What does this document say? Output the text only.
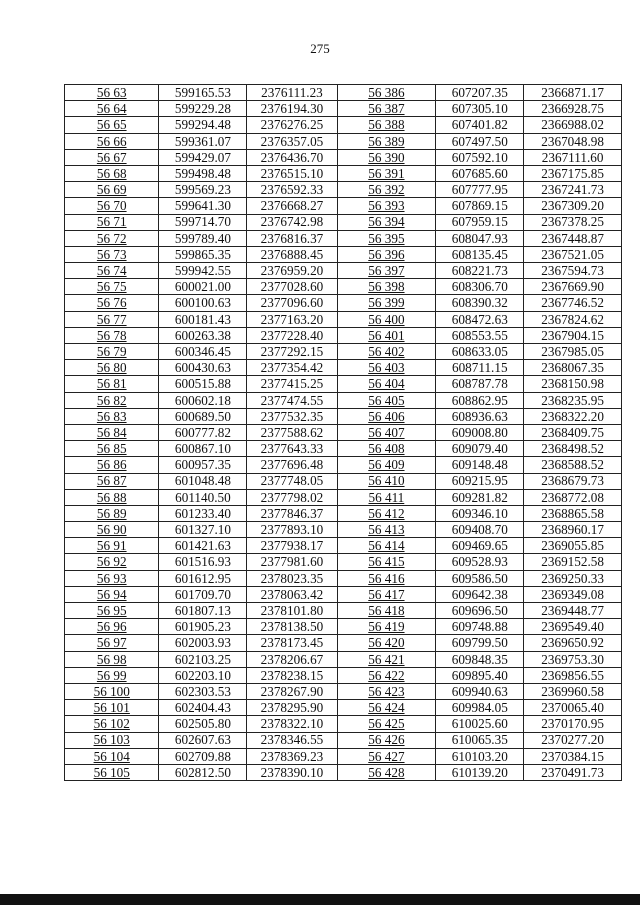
275
56 63	599165.53	2376111.23	56 386	607207.35	2366871.17
56 64	599229.28	2376194.30	56 387	607305.10	2366928.75
56 65	599294.48	2376276.25	56 388	607401.82	2366988.02
56 66	599361.07	2376357.05	56 389	607497.50	2367048.98
56 67	599429.07	2376436.70	56 390	607592.10	2367111.60
56 68	599498.48	2376515.10	56 391	607685.60	2367175.85
56 69	599569.23	2376592.33	56 392	607777.95	2367241.73
56 70	599641.30	2376668.27	56 393	607869.15	2367309.20
56 71	599714.70	2376742.98	56 394	607959.15	2367378.25
56 72	599789.40	2376816.37	56 395	608047.93	2367448.87
56 73	599865.35	2376888.45	56 396	608135.45	2367521.05
56 74	599942.55	2376959.20	56 397	608221.73	2367594.73
56 75	600021.00	2377028.60	56 398	608306.70	2367669.90
56 76	600100.63	2377096.60	56 399	608390.32	2367746.52
56 77	600181.43	2377163.20	56 400	608472.63	2367824.62
56 78	600263.38	2377228.40	56 401	608553.55	2367904.15
56 79	600346.45	2377292.15	56 402	608633.05	2367985.05
56 80	600430.63	2377354.42	56 403	608711.15	2368067.35
56 81	600515.88	2377415.25	56 404	608787.78	2368150.98
56 82	600602.18	2377474.55	56 405	608862.95	2368235.95
56 83	600689.50	2377532.35	56 406	608936.63	2368322.20
56 84	600777.82	2377588.62	56 407	609008.80	2368409.75
56 85	600867.10	2377643.33	56 408	609079.40	2368498.52
56 86	600957.35	2377696.48	56 409	609148.48	2368588.52
56 87	601048.48	2377748.05	56 410	609215.95	2368679.73
56 88	601140.50	2377798.02	56 411	609281.82	2368772.08
56 89	601233.40	2377846.37	56 412	609346.10	2368865.58
56 90	601327.10	2377893.10	56 413	609408.70	2368960.17
56 91	601421.63	2377938.17	56 414	609469.65	2369055.85
56 92	601516.93	2377981.60	56 415	609528.93	2369152.58
56 93	601612.95	2378023.35	56 416	609586.50	2369250.33
56 94	601709.70	2378063.42	56 417	609642.38	2369349.08
56 95	601807.13	2378101.80	56 418	609696.50	2369448.77
56 96	601905.23	2378138.50	56 419	609748.88	2369549.40
56 97	602003.93	2378173.45	56 420	609799.50	2369650.92
56 98	602103.25	2378206.67	56 421	609848.35	2369753.30
56 99	602203.10	2378238.15	56 422	609895.40	2369856.55
56 100	602303.53	2378267.90	56 423	609940.63	2369960.58
56 101	602404.43	2378295.90	56 424	609984.05	2370065.40
56 102	602505.80	2378322.10	56 425	610025.60	2370170.95
56 103	602607.63	2378346.55	56 426	610065.35	2370277.20
56 104	602709.88	2378369.23	56 427	610103.20	2370384.15
56 105	602812.50	2378390.10	56 428	610139.20	2370491.73
